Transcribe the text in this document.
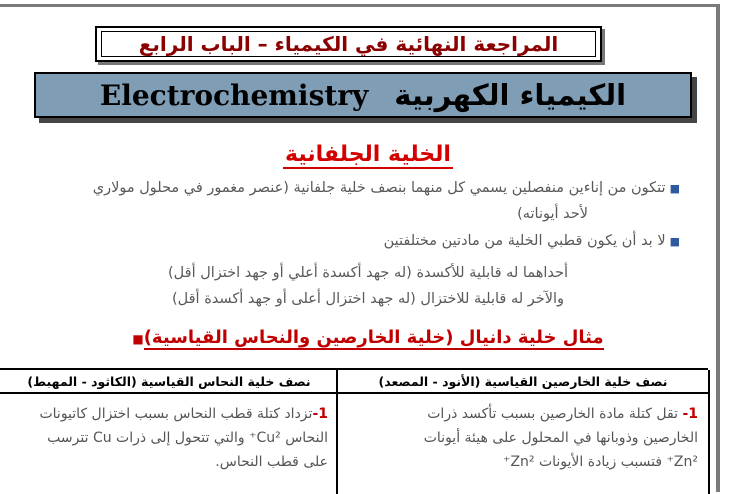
المراجعة النهائية في الكيمياء – الباب الرابع
Electrochemistry الكيمياء الكهربية
الخلية الجلفانية
■تتكون من إناءين منفصلين يسمي كل منهما بنصف خلية جلفانية (عنصر مغمور في محلول مولاري
لأحد أيوناته)
■لا بد أن يكون قطبي الخلية من مادتين مختلفتين
أحداهما له قابلية للأكسدة (له جهد أكسدة أعلي أو جهد اختزال أقل)
والآخر له قابلية للاختزال (له جهد اختزال أعلى أو جهد أكسدة أقل)
مثال خلية دانيال (خلية الخارصين والنحاس القياسية)■
نصف خلية الخارصين القياسية (الأنود - المصعد)
1- تقل كتلة مادة الخارصين بسبب تأكسد ذرات
الخارصين وذوبانها في المحلول على هيئة أيونات
Zn²⁺ فتسبب زيادة الأيونات Zn²⁺
نصف خلية النحاس القياسية (الكاثود - المهبط)
1-تزداد كتلة قطب النحاس بسبب اختزال كاتيونات
النحاس Cu²⁺ والتي تتحول إلى ذرات Cu تترسب
على قطب النحاس.
